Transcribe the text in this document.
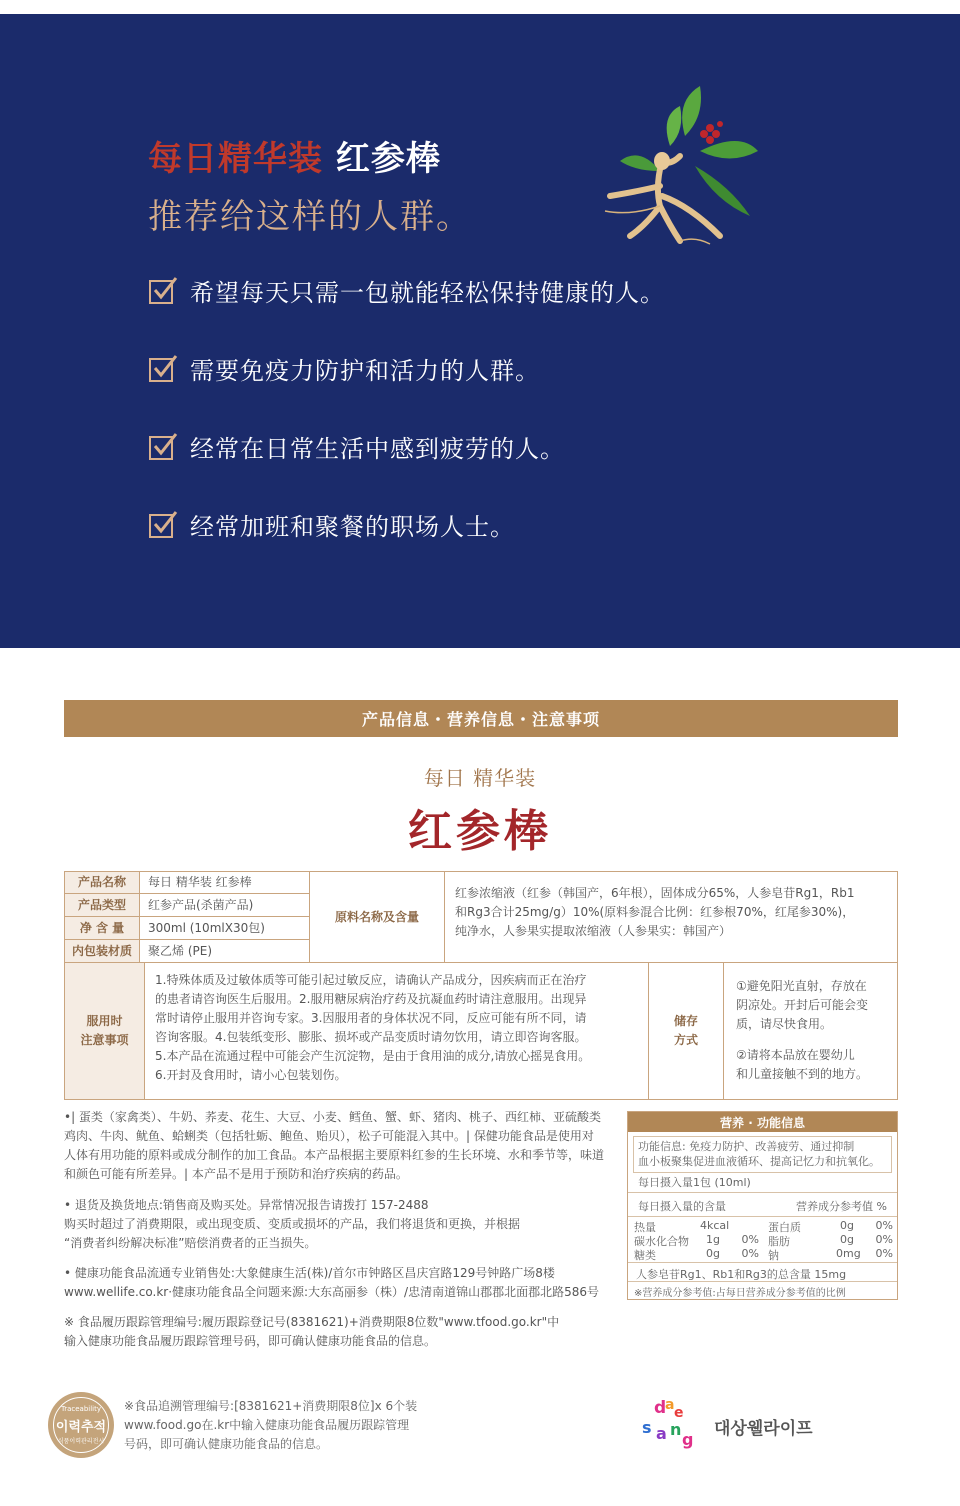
每日精华装 红参棒
推荐给这样的人群。
希望每天只需一包就能轻松保持健康的人。
需要免疫力防护和活力的人群。
经常在日常生活中感到疲劳的人。
经常加班和聚餐的职场人士。
产品信息・营养信息・注意事项
每日 精华装
红参棒
产品名称	每日 精华装 红参棒
产品类型	红参产品(杀菌产品)
净 含 量	300ml (10mlX30包)
内包装材质	聚乙烯 (PE)
原料名称及含量
红参浓缩液（红参（韩国产，6年根），固体成分65%，人参皂苷Rg1，Rb1
和Rg3合计25mg/g）10%(原料参混合比例：红参根70%，红尾参30%)，
纯净水，人参果实提取浓缩液（人参果实：韩国产）
服用时
注意事项
1.特殊体质及过敏体质等可能引起过敏反应，请确认产品成分，因疾病而正在治疗
的患者请咨询医生后服用。2.服用糖尿病治疗药及抗凝血药时请注意服用。出现异
常时请停止服用并咨询专家。3.因服用者的身体状况不同，反应可能有所不同，请
咨询客服。4.包装纸变形、膨胀、损坏或产品变质时请勿饮用，请立即咨询客服。
5.本产品在流通过程中可能会产生沉淀物，是由于食用油的成分,请放心摇晃食用。
6.开封及食用时，请小心包装划伤。
储存
方式
①避免阳光直射，存放在
阴凉处。开封后可能会变
质，请尽快食用。
②请将本品放在婴幼儿
和儿童接触不到的地方。
•| 蛋类（家禽类）、牛奶、荞麦、花生、大豆、小麦、鳕鱼、蟹、虾、猪肉、桃子、西红柿、亚硫酸类
鸡肉、牛肉、鱿鱼、蛤蜊类（包括牡蛎、鲍鱼、贻贝），松子可能混入其中。| 保健功能食品是使用对
人体有用功能的原料或成分制作的加工食品。本产品根据主要原料红参的生长环境、水和季节等，味道
和颜色可能有所差异。| 本产品不是用于预防和治疗疾病的药品。
• 退货及换货地点:销售商及购买处。异常情况报告请拨打 157-2488
购买时超过了消费期限，或出现变质、变质或损坏的产品，我们将退货和更换，并根据
“消费者纠纷解决标准”赔偿消费者的正当损失。
• 健康功能食品流通专业销售处:大象健康生活(株)/首尔市钟路区昌庆宫路129号钟路广场8楼
www.wellife.co.kr·健康功能食品全问题来源:大东高丽参（株）/忠清南道锦山郡郡北面郡北路586号
※ 食品履历跟踪管理编号:履历跟踪登记号(8381621)+消费期限8位数"www.tfood.go.kr"中
输入健康功能食品履历跟踪管理号码，即可确认健康功能食品的信息。
营养 · 功能信息
功能信息: 免疫力防护、改善疲劳、通过抑制
血小板聚集促进血液循环、提高记忆力和抗氧化。
每日摄入量1包 (10ml)
每日摄入量的含量	营养成分参考值 %
热量	4kcal	蛋白质	0g 0%
碳水化合物 1g 0% 脂肪	0g 0%
糖类	0g 0% 钠	0mg 0%
人参皂苷Rg1、Rb1和Rg3的总含量 15mg
※营养成分参考值:占每日营养成分参考值的比例
Traceability
이력추적
식품이력관리전시
※食品追溯管理编号:[8381621+消费期限8位]x 6个装
www.food.go在.kr中输入健康功能食品履历跟踪管理
号码，即可确认健康功能食品的信息。
d
a e
s a n
g
대상웰라이프
